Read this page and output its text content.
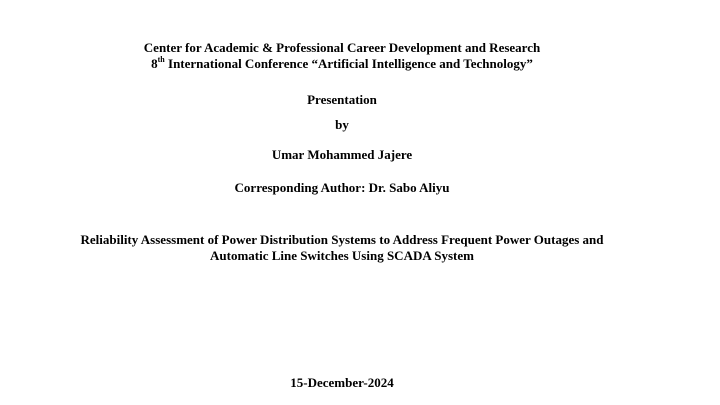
Center for Academic & Professional Career Development and Research
8th International Conference “Artificial Intelligence and Technology”
Presentation
by
Umar Mohammed Jajere
Corresponding Author: Dr. Sabo Aliyu
Reliability Assessment of Power Distribution Systems to Address Frequent Power Outages and
Automatic Line Switches Using SCADA System
15-December-2024
